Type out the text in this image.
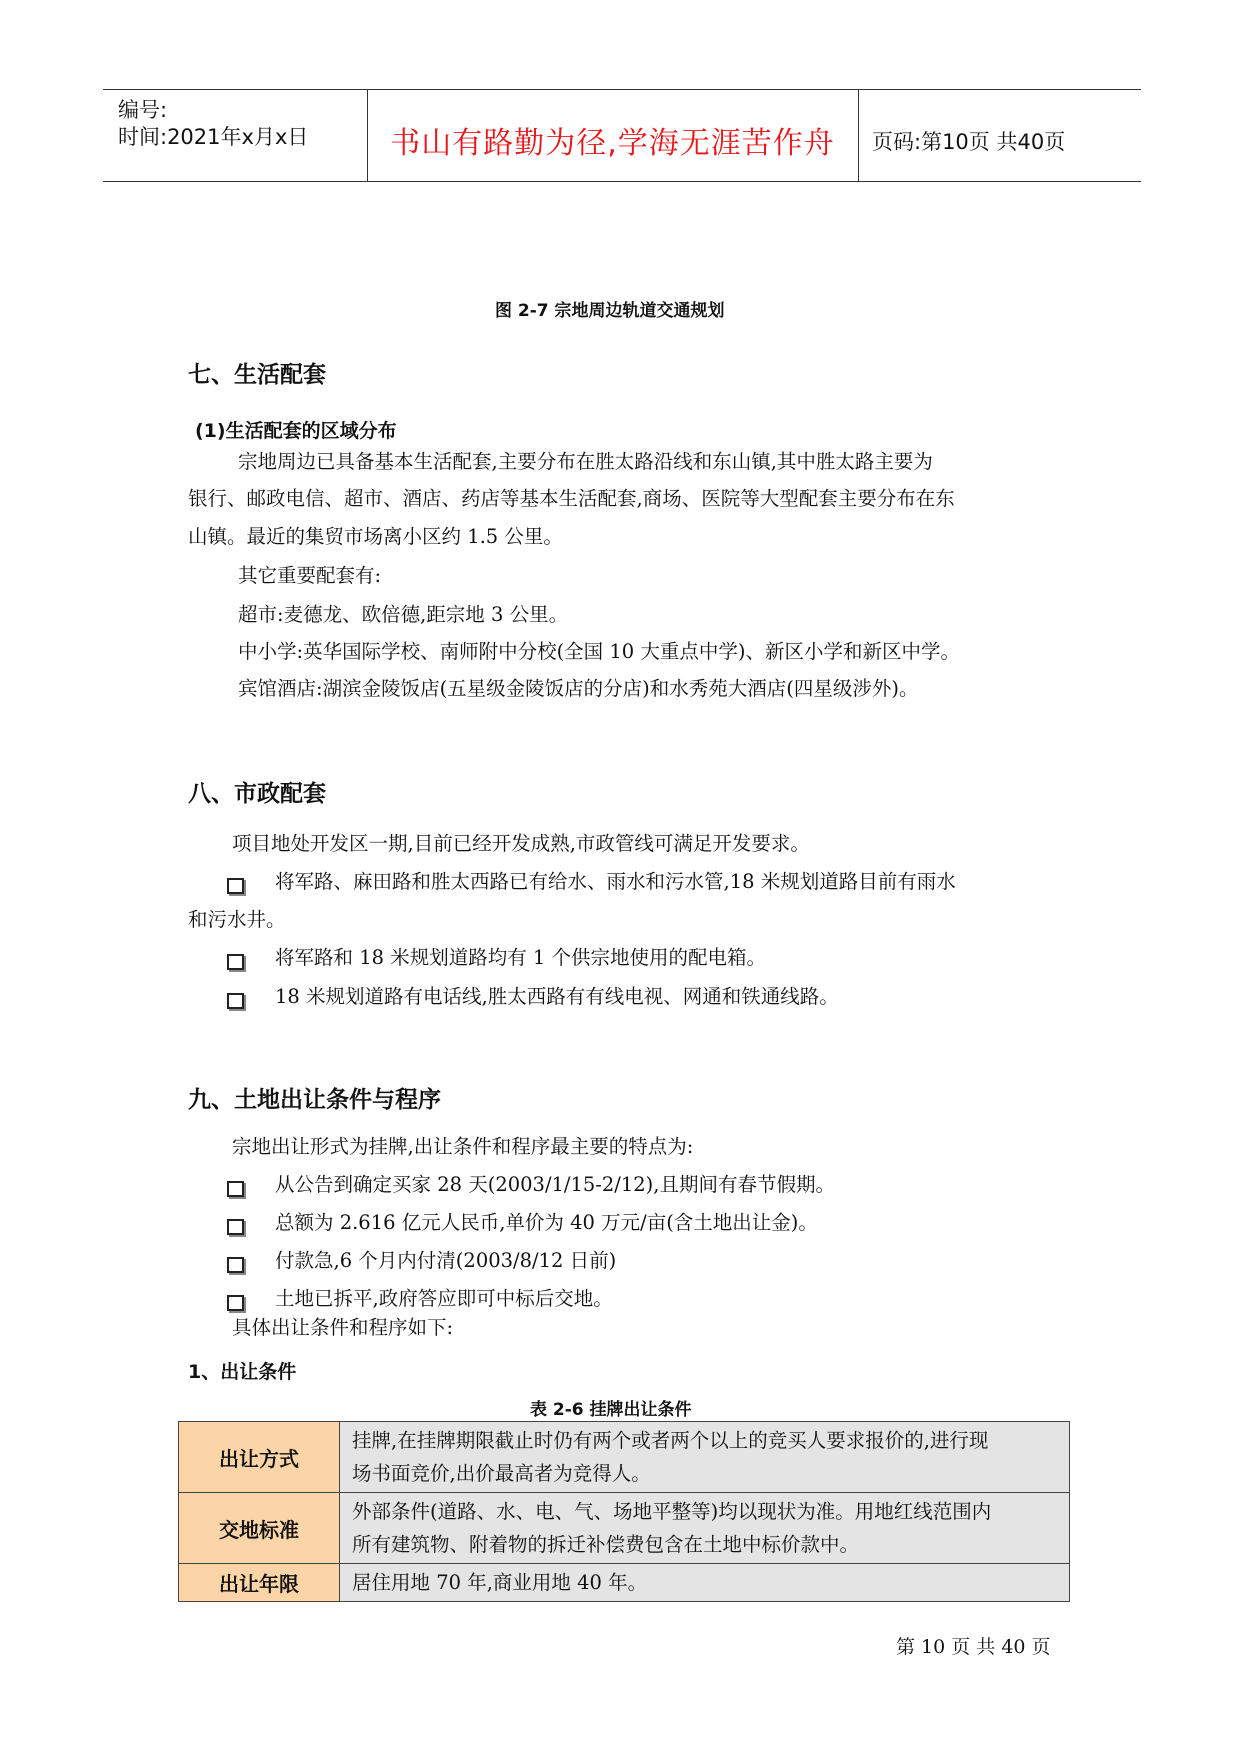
编号:
时间:2021年x月x日	书山有路勤为径,学海无涯苦作舟	页码:第10页 共40页
图 2-7 宗地周边轨道交通规划
七、生活配套
(1)生活配套的区域分布
宗地周边已具备基本生活配套,主要分布在胜太路沿线和东山镇,其中胜太路主要为
银行、邮政电信、超市、酒店、药店等基本生活配套,商场、医院等大型配套主要分布在东
山镇。最近的集贸市场离小区约 1.5 公里。
其它重要配套有:
超市:麦德龙、欧倍德,距宗地 3 公里。
中小学:英华国际学校、南师附中分校(全国 10 大重点中学)、新区小学和新区中学。
宾馆酒店:湖滨金陵饭店(五星级金陵饭店的分店)和水秀苑大酒店(四星级涉外)。
八、市政配套
项目地处开发区一期,目前已经开发成熟,市政管线可满足开发要求。
将军路、麻田路和胜太西路已有给水、雨水和污水管,18 米规划道路目前有雨水
和污水井。
将军路和 18 米规划道路均有 1 个供宗地使用的配电箱。
18 米规划道路有电话线,胜太西路有有线电视、网通和铁通线路。
九、土地出让条件与程序
宗地出让形式为挂牌,出让条件和程序最主要的特点为:
从公告到确定买家 28 天(2003/1/15-2/12),且期间有春节假期。
总额为 2.616 亿元人民币,单价为 40 万元/亩(含土地出让金)。
付款急,6 个月内付清(2003/8/12 日前)
土地已拆平,政府答应即可中标后交地。
具体出让条件和程序如下:
1、出让条件
表 2-6 挂牌出让条件
出让方式	挂牌,在挂牌期限截止时仍有两个或者两个以上的竞买人要求报价的,进行现
场书面竞价,出价最高者为竞得人。

交地标准	外部条件(道路、水、电、气、场地平整等)均以现状为准。用地红线范围内
所有建筑物、附着物的拆迁补偿费包含在土地中标价款中。

出让年限	居住用地 70 年,商业用地 40 年。
第 10 页 共 40 页
